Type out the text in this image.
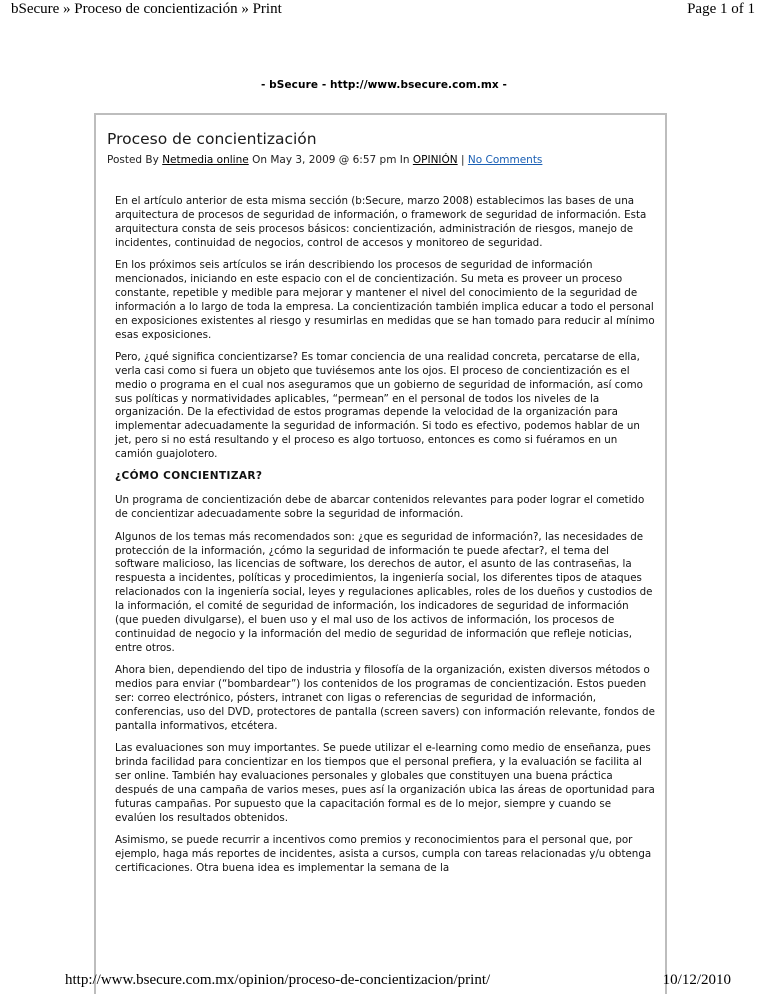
bSecure » Proceso de concientización » Print	Page 1 of 1
- bSecure - http://www.bsecure.com.mx -
Proceso de concientización
Posted By Netmedia online On May 3, 2009 @ 6:57 pm In OPINIÓN | No Comments

En el artículo anterior de esta misma sección (b:Secure, marzo 2008) establecimos las bases de una arquitectura de procesos de seguridad de información, o framework de seguridad de información. Esta arquitectura consta de seis procesos básicos: concientización, administración de riesgos, manejo de incidentes, continuidad de negocios, control de accesos y monitoreo de seguridad.

En los próximos seis artículos se irán describiendo los procesos de seguridad de información mencionados, iniciando en este espacio con el de concientización. Su meta es proveer un proceso constante, repetible y medible para mejorar y mantener el nivel del conocimiento de la seguridad de información a lo largo de toda la empresa. La concientización también implica educar a todo el personal en exposiciones existentes al riesgo y resumirlas en medidas que se han tomado para reducir al mínimo esas exposiciones.

Pero, ¿qué significa concientizarse? Es tomar conciencia de una realidad concreta, percatarse de ella, verla casi como si fuera un objeto que tuviésemos ante los ojos. El proceso de concientización es el medio o programa en el cual nos aseguramos que un gobierno de seguridad de información, así como sus políticas y normatividades aplicables, “permean” en el personal de todos los niveles de la organización. De la efectividad de estos programas depende la velocidad de la organización para implementar adecuadamente la seguridad de información. Si todo es efectivo, podemos hablar de un jet, pero si no está resultando y el proceso es algo tortuoso, entonces es como si fuéramos en un camión guajolotero.

¿CÓMO CONCIENTIZAR?

Un programa de concientización debe de abarcar contenidos relevantes para poder lograr el cometido de concientizar adecuadamente sobre la seguridad de información.

Algunos de los temas más recomendados son: ¿que es seguridad de información?, las necesidades de protección de la información, ¿cómo la seguridad de información te puede afectar?, el tema del software malicioso, las licencias de software, los derechos de autor, el asunto de las contraseñas, la respuesta a incidentes, políticas y procedimientos, la ingeniería social, los diferentes tipos de ataques relacionados con la ingeniería social, leyes y regulaciones aplicables, roles de los dueños y custodios de la información, el comité de seguridad de información, los indicadores de seguridad de información (que pueden divulgarse), el buen uso y el mal uso de los activos de información, los procesos de continuidad de negocio y la información del medio de seguridad de información que refleje noticias, entre otros.

Ahora bien, dependiendo del tipo de industria y filosofía de la organización, existen diversos métodos o medios para enviar (“bombardear”) los contenidos de los programas de concientización. Estos pueden ser: correo electrónico, pósters, intranet con ligas o referencias de seguridad de información, conferencias, uso del DVD, protectores de pantalla (screen savers) con información relevante, fondos de pantalla informativos, etcétera.

Las evaluaciones son muy importantes. Se puede utilizar el e-learning como medio de enseñanza, pues brinda facilidad para concientizar en los tiempos que el personal prefiera, y la evaluación se facilita al ser online. También hay evaluaciones personales y globales que constituyen una buena práctica después de una campaña de varios meses, pues así la organización ubica las áreas de oportunidad para futuras campañas. Por supuesto que la capacitación formal es de lo mejor, siempre y cuando se evalúen los resultados obtenidos.

Asimismo, se puede recurrir a incentivos como premios y reconocimientos para el personal que, por ejemplo, haga más reportes de incidentes, asista a cursos, cumpla con tareas relacionadas y/u obtenga certificaciones. Otra buena idea es implementar la semana de la

http://www.bsecure.com.mx/opinion/proceso-de-concientizacion/print/	10/12/2010
